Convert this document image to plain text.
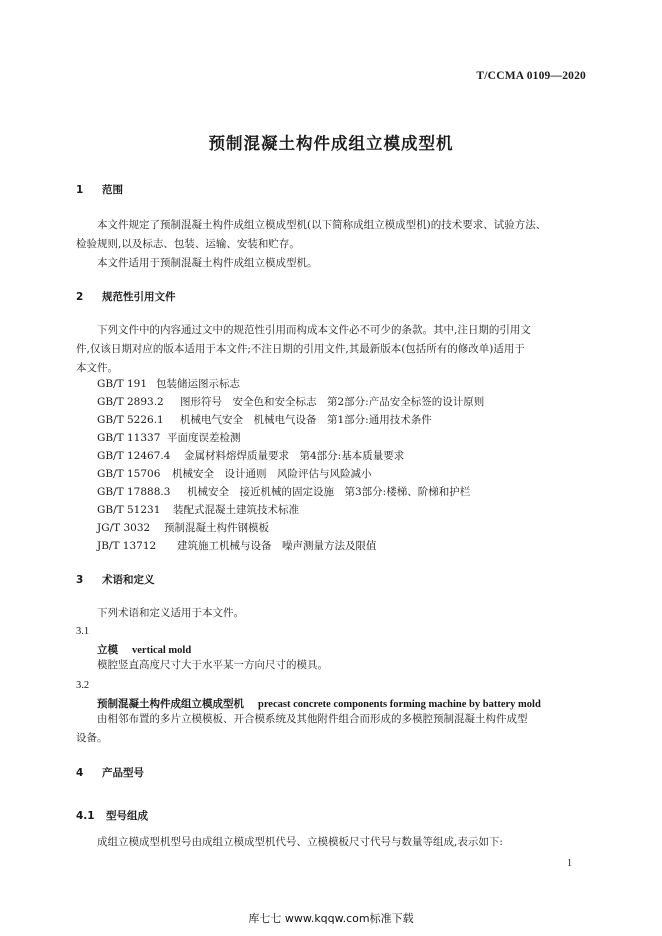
T/CCMA 0109—2020
预制混凝土构件成组立模成型机
1 范围
本文件规定了预制混凝土构件成组立模成型机(以下简称成组立模成型机)的技术要求、试验方法、
检验规则,以及标志、包装、运输、安装和贮存。
本文件适用于预制混凝土构件成组立模成型机。
2 规范性引用文件
下列文件中的内容通过文中的规范性引用而构成本文件必不可少的条款。其中,注日期的引用文
件,仅该日期对应的版本适用于本文件;不注日期的引用文件,其最新版本(包括所有的修改单)适用于
本文件。
GB/T 191 包装储运图示标志
GB/T 2893.2 图形符号　安全色和安全标志　第2部分:产品安全标签的设计原则
GB/T 5226.1 机械电气安全　机械电气设备　第1部分:通用技术条件
GB/T 11337 平面度误差检测
GB/T 12467.4 金属材料熔焊质量要求　第4部分:基本质量要求
GB/T 15706 机械安全　设计通则　风险评估与风险减小
GB/T 17888.3 机械安全　接近机械的固定设施　第3部分:楼梯、阶梯和护栏
GB/T 51231 装配式混凝土建筑技术标准
JG/T 3032 预制混凝土构件钢模板
JB/T 13712 建筑施工机械与设备　噪声测量方法及限值
3 术语和定义
下列术语和定义适用于本文件。
3.1
立模 vertical mold
模腔竖直高度尺寸大于水平某一方向尺寸的模具。
3.2
预制混凝土构件成组立模成型机 precast concrete components forming machine by battery mold
由相邻布置的多片立模模板、开合模系统及其他附件组合而形成的多模腔预制混凝土构件成型
设备。
4 产品型号
4.1 型号组成
成组立模成型机型号由成组立模成型机代号、立模模板尺寸代号与数量等组成,表示如下:
1
库七七 www.kqqw.com标准下载
